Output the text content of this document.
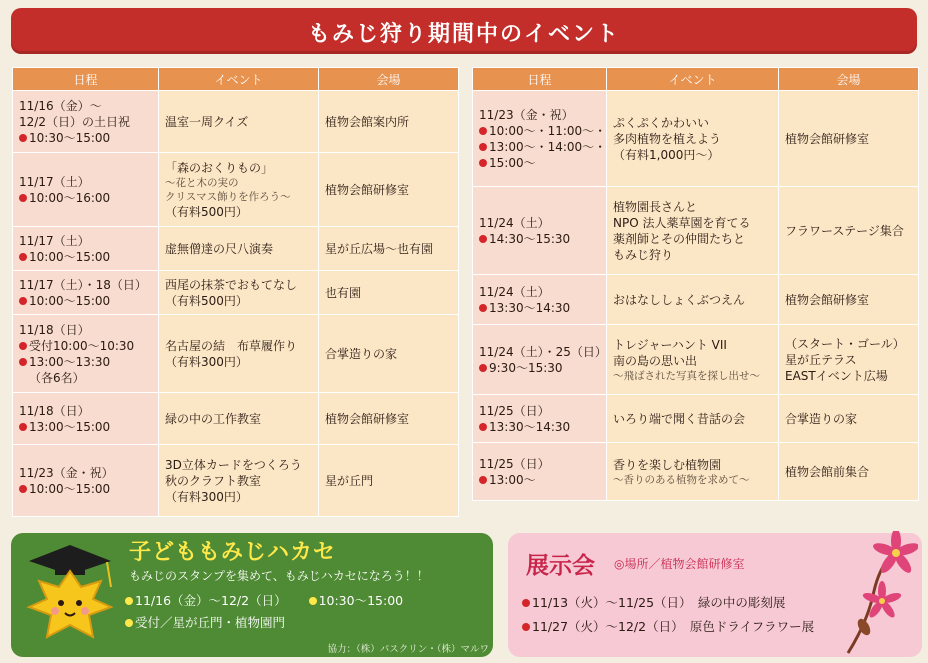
もみじ狩り期間中のイベント
日程	イベント	会場

11/16（金）～
12/2（日）の土日祝
10:30～15:00	温室一周クイズ	植物会館案内所

11/17（土）
10:00～16:00	「森のおくりもの」
～花と木の実の
クリスマス飾りを作ろう～
（有料500円）	植物会館研修室

11/17（土）
10:00～15:00	虚無僧達の尺八演奏	星が丘広場～也有園

11/17（土）・18（日）
10:00～15:00	西尾の抹茶でおもてなし
（有料500円）	也有園

11/18（日）
受付10:00～10:30
13:00～13:30
（各6名）	名古屋の結　布草履作り
（有料300円）	合掌造りの家

11/18（日）
13:00～15:00	緑の中の工作教室	植物会館研修室

11/23（金・祝）
10:00～15:00	3D立体カードをつくろう
秋のクラフト教室
（有料300円）	星が丘門
日程	イベント	会場

11/23（金・祝）
10:00～・11:00～・
13:00～・14:00～・
15:00～	ぷくぷくかわいい
多肉植物を植えよう
（有料1,000円～）	植物会館研修室

11/24（土）
14:30～15:30	植物園長さんと
NPO 法人薬草園を育てる
薬剤師とその仲間たちと
もみじ狩り	フラワーステージ集合

11/24（土）
13:30～14:30	おはなししょくぶつえん	植物会館研修室

11/24（土）・25（日）
9:30～15:30	トレジャーハント VII
南の島の思い出
～飛ばされた写真を探し出せ～	（スタート・ゴール）
星が丘テラス
EASTイベント広場

11/25（日）
13:30～14:30	いろり端で聞く昔話の会	合掌造りの家

11/25（日）
13:00～	香りを楽しむ植物園
～香りのある植物を求めて～	植物会館前集合
子どももみじハカセ
もみじのスタンプを集めて、もみじハカセになろう！！
11/16（金）～12/2（日）	10:30～15:00
受付／星が丘門・植物園門
協力：（株）パスクリン・（株）マルワ
展示会 ◎場所／植物会館研修室
11/13（火）～11/25（日）　 緑の中の彫刻展
11/27（火）～12/2（日）　 原色ドライフラワー展
